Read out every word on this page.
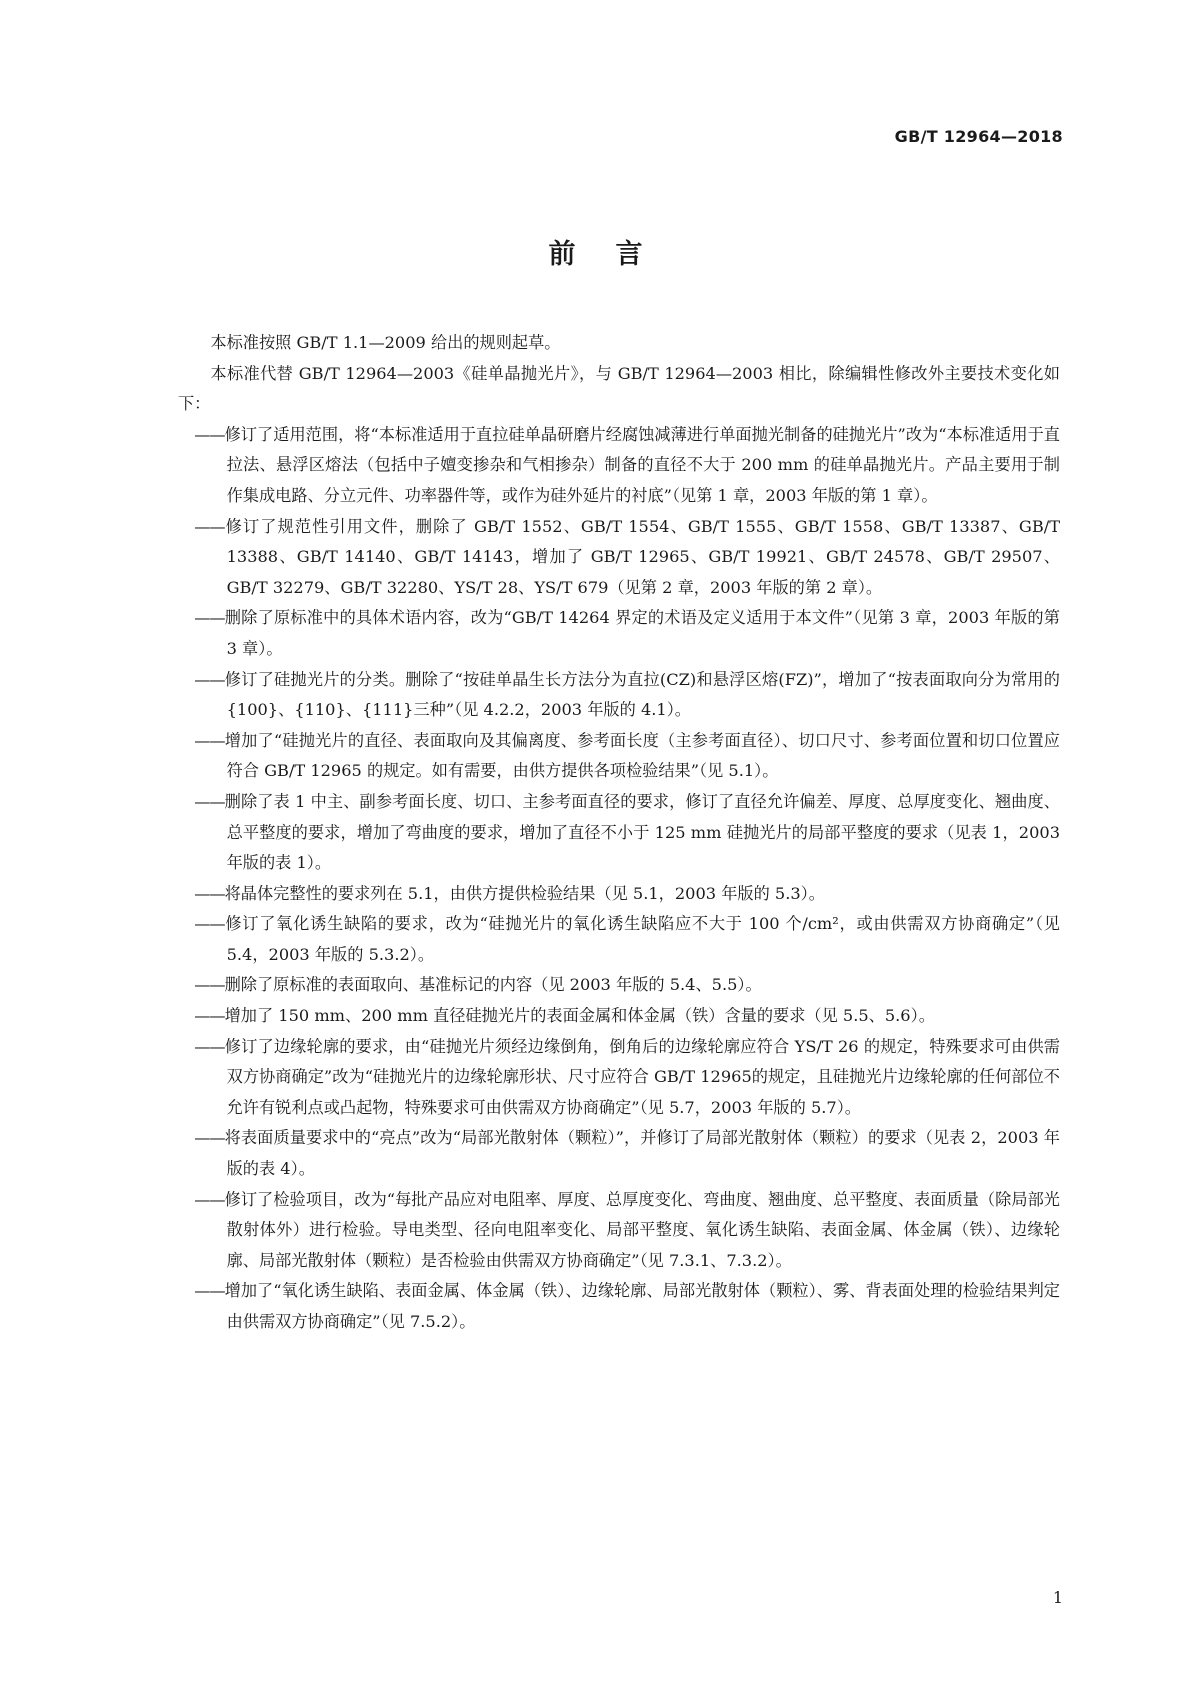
GB/T 12964—2018
前言

本标准按照 GB/T 1.1—2009 给出的规则起草。

本标准代替 GB/T 12964—2003《硅单晶抛光片》，与 GB/T 12964—2003 相比，除编辑性修改外主要技术变化如下：

—— 修订了适用范围，将“本标准适用于直拉硅单晶研磨片经腐蚀减薄进行单面抛光制备的硅抛光片”改为“本标准适用于直拉法、悬浮区熔法（包括中子嬗变掺杂和气相掺杂）制备的直径不大于 200 mm 的硅单晶抛光片。产品主要用于制作集成电路、分立元件、功率器件等，或作为硅外延片的衬底”（见第 1 章，2003 年版的第 1 章）。
—— 修订了规范性引用文件，删除了 GB/T 1552、GB/T 1554、GB/T 1555、GB/T 1558、GB/T 13387、GB/T 13388、GB/T 14140、GB/T 14143，增加了 GB/T 12965、GB/T 19921、GB/T 24578、GB/T 29507、GB/T 32279、GB/T 32280、YS/T 28、YS/T 679（见第 2 章，2003 年版的第 2 章）。
—— 删除了原标准中的具体术语内容，改为“GB/T 14264 界定的术语及定义适用于本文件”（见第 3 章，2003 年版的第 3 章）。
—— 修订了硅抛光片的分类。删除了“按硅单晶生长方法分为直拉(CZ)和悬浮区熔(FZ)”，增加了“按表面取向分为常用的{100}、{110}、{111}三种”（见 4.2.2，2003 年版的 4.1）。
—— 增加了“硅抛光片的直径、表面取向及其偏离度、参考面长度（主参考面直径）、切口尺寸、参考面位置和切口位置应符合 GB/T 12965 的规定。如有需要，由供方提供各项检验结果”（见 5.1）。
—— 删除了表 1 中主、副参考面长度、切口、主参考面直径的要求，修订了直径允许偏差、厚度、总厚度变化、翘曲度、总平整度的要求，增加了弯曲度的要求，增加了直径不小于 125 mm 硅抛光片的局部平整度的要求（见表 1，2003 年版的表 1）。
—— 将晶体完整性的要求列在 5.1，由供方提供检验结果（见 5.1，2003 年版的 5.3）。
—— 修订了氧化诱生缺陷的要求，改为“硅抛光片的氧化诱生缺陷应不大于 100 个/cm²，或由供需双方协商确定”（见 5.4，2003 年版的 5.3.2）。
—— 删除了原标准的表面取向、基准标记的内容（见 2003 年版的 5.4、5.5）。
—— 增加了 150 mm、200 mm 直径硅抛光片的表面金属和体金属（铁）含量的要求（见 5.5、5.6）。
—— 修订了边缘轮廓的要求，由“硅抛光片须经边缘倒角，倒角后的边缘轮廓应符合 YS/T 26 的规定，特殊要求可由供需双方协商确定”改为“硅抛光片的边缘轮廓形状、尺寸应符合 GB/T 12965的规定，且硅抛光片边缘轮廓的任何部位不允许有锐利点或凸起物，特殊要求可由供需双方协商确定”（见 5.7，2003 年版的 5.7）。
—— 将表面质量要求中的“亮点”改为“局部光散射体（颗粒）”，并修订了局部光散射体（颗粒）的要求（见表 2，2003 年版的表 4）。
—— 修订了检验项目，改为“每批产品应对电阻率、厚度、总厚度变化、弯曲度、翘曲度、总平整度、表面质量（除局部光散射体外）进行检验。导电类型、径向电阻率变化、局部平整度、氧化诱生缺陷、表面金属、体金属（铁）、边缘轮廓、局部光散射体（颗粒）是否检验由供需双方协商确定”（见 7.3.1、7.3.2）。
—— 增加了“氧化诱生缺陷、表面金属、体金属（铁）、边缘轮廓、局部光散射体（颗粒）、雾、背表面处理的检验结果判定由供需双方协商确定”（见 7.5.2）。
1
